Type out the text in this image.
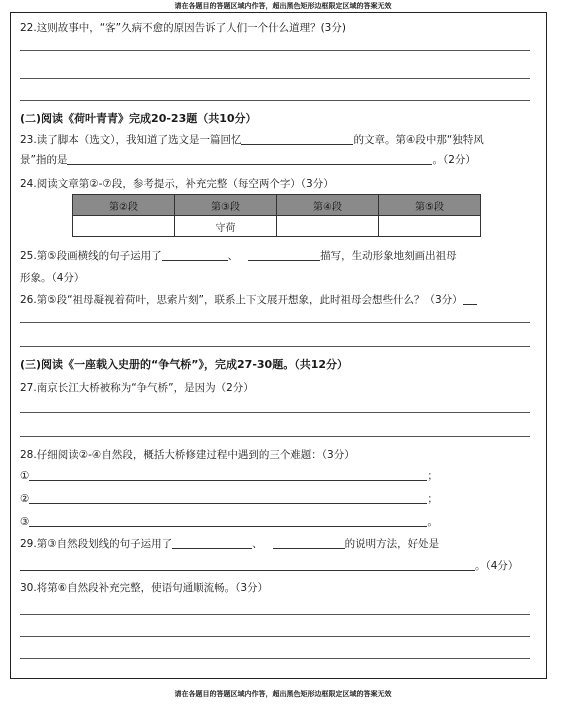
请在各题目的答题区域内作答，超出黑色矩形边框限定区域的答案无效
22.这则故事中，“客”久病不愈的原因告诉了人们一个什么道理？(3分)
(二)阅读《荷叶青青》完成20-23题（共10分）
23.读了脚本（选文），我知道了选文是一篇回忆	的文章。第④段中那“独特风
景”指的是	。（2分）
24.阅读文章第②-⑦段，参考提示，补充完整（每空两个字）（3分）
第②段	第③段	第④段	第⑤段
	守荷		
25.第⑤段画横线的句子运用了	、	描写，生动形象地刻画出祖母
形象。（4分）
26.第⑤段“祖母凝视着荷叶，思索片刻”，联系上下文展开想象，此时祖母会想些什么？（3分）
(三)阅读《一座载入史册的“争气桥”》，完成27-30题。（共12分）
27.南京长江大桥被称为“争气桥”，是因为（2分）
28.仔细阅读②-④自然段，概括大桥修建过程中遇到的三个难题：（3分）
①	；
②	；
③	。
29.第③自然段划线的句子运用了	、	的说明方法，好处是
。（4分）
30.将第⑥自然段补充完整，使语句通顺流畅。（3分）
请在各题目的答题区域内作答，超出黑色矩形边框限定区域的答案无效
